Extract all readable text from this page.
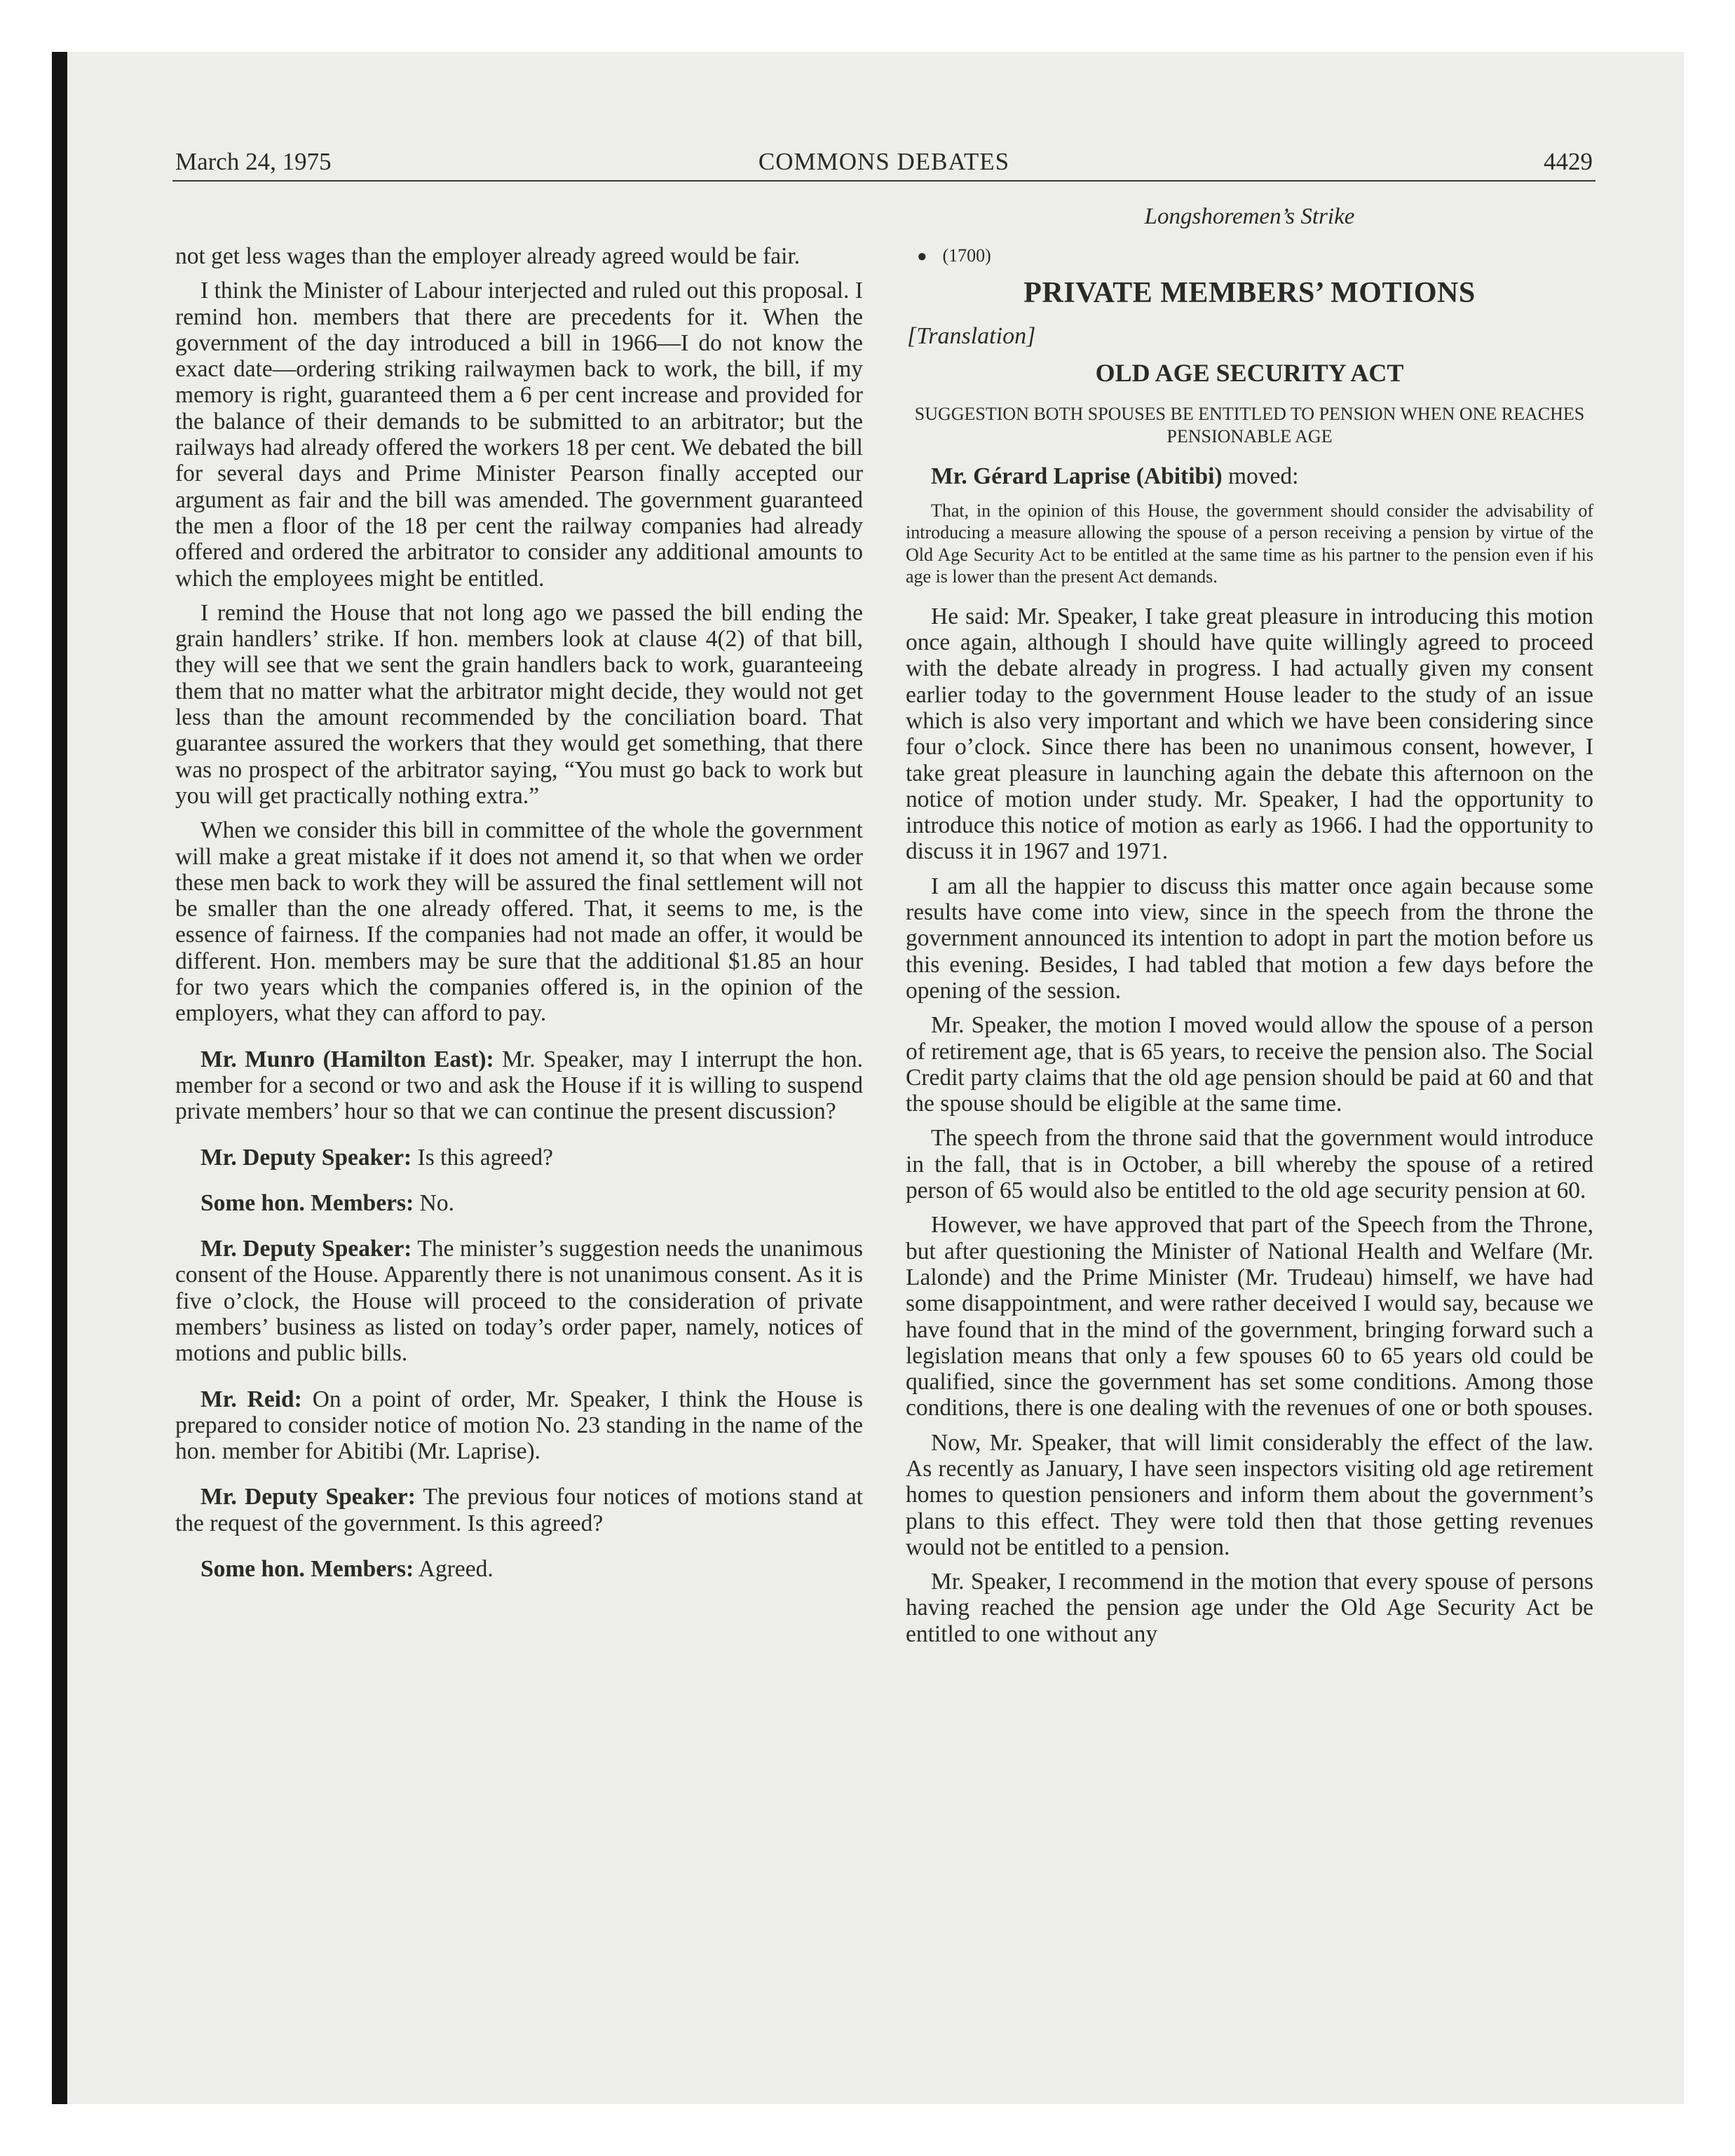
March 24, 1975	COMMONS DEBATES	4429

not get less wages than the employer already agreed would be fair.

I think the Minister of Labour interjected and ruled out this proposal. I remind hon. members that there are precedents for it. When the government of the day introduced a bill in 1966—I do not know the exact date—ordering striking railwaymen back to work, the bill, if my memory is right, guaranteed them a 6 per cent increase and provided for the balance of their demands to be submitted to an arbitrator; but the railways had already offered the workers 18 per cent. We debated the bill for several days and Prime Minister Pearson finally accepted our argument as fair and the bill was amended. The government guaranteed the men a floor of the 18 per cent the railway companies had already offered and ordered the arbitrator to consider any additional amounts to which the employees might be entitled.

I remind the House that not long ago we passed the bill ending the grain handlers’ strike. If hon. members look at clause 4(2) of that bill, they will see that we sent the grain handlers back to work, guaranteeing them that no matter what the arbitrator might decide, they would not get less than the amount recommended by the conciliation board. That guarantee assured the workers that they would get something, that there was no prospect of the arbitrator saying, “You must go back to work but you will get practically nothing extra.”

When we consider this bill in committee of the whole the government will make a great mistake if it does not amend it, so that when we order these men back to work they will be assured the final settlement will not be smaller than the one already offered. That, it seems to me, is the essence of fairness. If the companies had not made an offer, it would be different. Hon. members may be sure that the additional $1.85 an hour for two years which the companies offered is, in the opinion of the employers, what they can afford to pay.

Mr. Munro (Hamilton East): Mr. Speaker, may I interrupt the hon. member for a second or two and ask the House if it is willing to suspend private members’ hour so that we can continue the present discussion?

Mr. Deputy Speaker: Is this agreed?

Some hon. Members: No.

Mr. Deputy Speaker: The minister’s suggestion needs the unanimous consent of the House. Apparently there is not unanimous consent. As it is five o’clock, the House will proceed to the consideration of private members’ business as listed on today’s order paper, namely, notices of motions and public bills.

Mr. Reid: On a point of order, Mr. Speaker, I think the House is prepared to consider notice of motion No. 23 standing in the name of the hon. member for Abitibi (Mr. Laprise).

Mr. Deputy Speaker: The previous four notices of motions stand at the request of the government. Is this agreed?

Some hon. Members: Agreed.

Longshoremen’s Strike
● (1700)
PRIVATE MEMBERS’ MOTIONS
[Translation]
OLD AGE SECURITY ACT
SUGGESTION BOTH SPOUSES BE ENTITLED TO PENSION WHEN ONE REACHES PENSIONABLE AGE

Mr. Gérard Laprise (Abitibi) moved:

That, in the opinion of this House, the government should consider the advisability of introducing a measure allowing the spouse of a person receiving a pension by virtue of the Old Age Security Act to be entitled at the same time as his partner to the pension even if his age is lower than the present Act demands.

He said: Mr. Speaker, I take great pleasure in introducing this motion once again, although I should have quite willingly agreed to proceed with the debate already in progress. I had actually given my consent earlier today to the government House leader to the study of an issue which is also very important and which we have been considering since four o’clock. Since there has been no unanimous consent, however, I take great pleasure in launching again the debate this afternoon on the notice of motion under study. Mr. Speaker, I had the opportunity to introduce this notice of motion as early as 1966. I had the opportunity to discuss it in 1967 and 1971.

I am all the happier to discuss this matter once again because some results have come into view, since in the speech from the throne the government announced its intention to adopt in part the motion before us this evening. Besides, I had tabled that motion a few days before the opening of the session.

Mr. Speaker, the motion I moved would allow the spouse of a person of retirement age, that is 65 years, to receive the pension also. The Social Credit party claims that the old age pension should be paid at 60 and that the spouse should be eligible at the same time.

The speech from the throne said that the government would introduce in the fall, that is in October, a bill whereby the spouse of a retired person of 65 would also be entitled to the old age security pension at 60.

However, we have approved that part of the Speech from the Throne, but after questioning the Minister of National Health and Welfare (Mr. Lalonde) and the Prime Minister (Mr. Trudeau) himself, we have had some disappointment, and were rather deceived I would say, because we have found that in the mind of the government, bringing forward such a legislation means that only a few spouses 60 to 65 years old could be qualified, since the government has set some conditions. Among those conditions, there is one dealing with the revenues of one or both spouses.

Now, Mr. Speaker, that will limit considerably the effect of the law. As recently as January, I have seen inspectors visiting old age retirement homes to question pensioners and inform them about the government’s plans to this effect. They were told then that those getting revenues would not be entitled to a pension.

Mr. Speaker, I recommend in the motion that every spouse of persons having reached the pension age under the Old Age Security Act be entitled to one without any
